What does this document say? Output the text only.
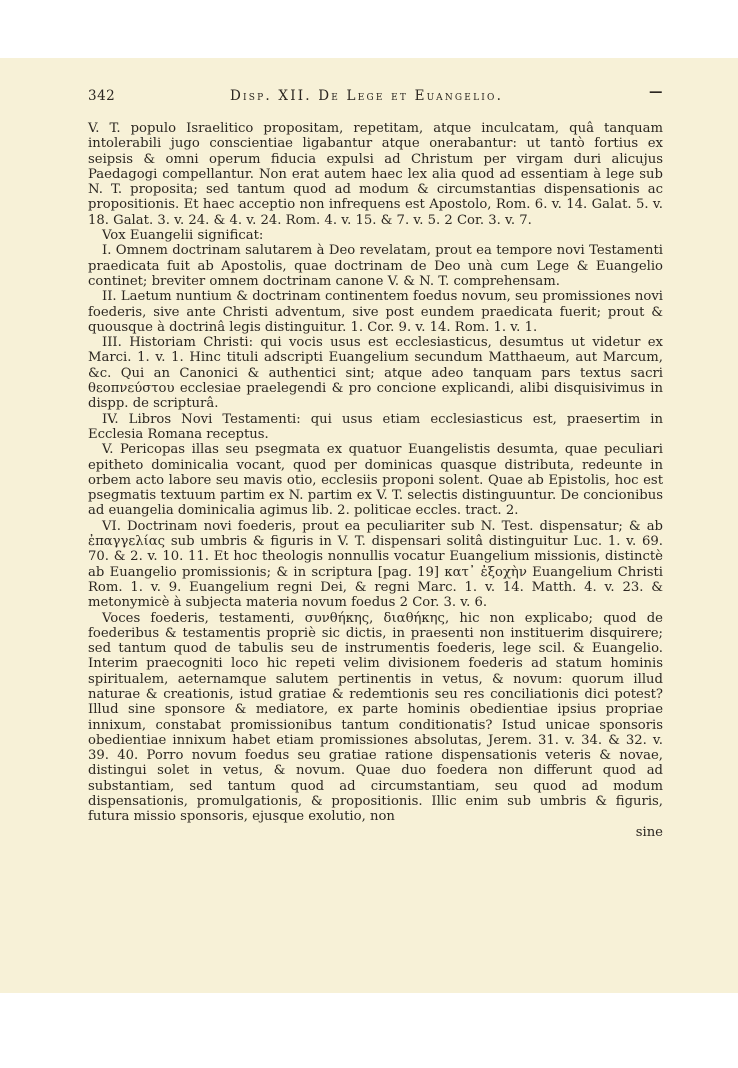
342	Disp. XII. De Lege et Euangelio.	—

V. T. populo Israelitico propositam, repetitam, atque inculcatam, quâ tanquam intolerabili jugo conscientiae ligabantur atque onerabantur: ut tantò fortius ex seipsis & omni operum fiducia expulsi ad Christum per virgam duri alicujus Paedagogi compellantur. Non erat autem haec lex alia quod ad essentiam à lege sub N. T. proposita; sed tantum quod ad modum & circumstantias dispensationis ac propositionis. Et haec acceptio non infrequens est Apostolo, Rom. 6. v. 14. Galat. 5. v. 18. Galat. 3. v. 24. & 4. v. 24. Rom. 4. v. 15. & 7. v. 5. 2 Cor. 3. v. 7.

Vox Euangelii significat:

I. Omnem doctrinam salutarem à Deo revelatam, prout ea tempore novi Testamenti praedicata fuit ab Apostolis, quae doctrinam de Deo unà cum Lege & Euangelio continet; breviter omnem doctrinam canone V. & N. T. comprehensam.

II. Laetum nuntium & doctrinam continentem foedus novum, seu promissiones novi foederis, sive ante Christi adventum, sive post eundem praedicata fuerit; prout & quousque à doctrinâ legis distinguitur. 1. Cor. 9. v. 14. Rom. 1. v. 1.

III. Historiam Christi: qui vocis usus est ecclesiasticus, desumtus ut videtur ex Marci. 1. v. 1. Hinc tituli adscripti Euangelium secundum Matthaeum, aut Marcum, &c. Qui an Canonici & authentici sint; atque adeo tanquam pars textus sacri θεοπνεύστου ecclesiae praelegendi & pro concione explicandi, alibi disquisivimus in dispp. de scripturâ.

IV. Libros Novi Testamenti: qui usus etiam ecclesiasticus est, praesertim in Ecclesia Romana receptus.

V. Pericopas illas seu psegmata ex quatuor Euangelistis desumta, quae peculiari epitheto dominicalia vocant, quod per dominicas quasque distributa, redeunte in orbem acto labore seu mavis otio, ecclesiis proponi solent. Quae ab Epistolis, hoc est psegmatis textuum partim ex N. partim ex V. T. selectis distinguuntur. De concionibus ad euangelia dominicalia agimus lib. 2. politicae eccles. tract. 2.

VI. Doctrinam novi foederis, prout ea peculiariter sub N. Test. dispensatur; & ab ἐπαγγελίας sub umbris & figuris in V. T. dispensari solitâ distinguitur Luc. 1. v. 69. 70. & 2. v. 10. 11. Et hoc theologis nonnullis vocatur Euangelium missionis, distinctè ab Euangelio promissionis; & in scriptura [pag. 19] κατ᾽ ἐξοχὴν Euangelium Christi Rom. 1. v. 9. Euangelium regni Dei, & regni Marc. 1. v. 14. Matth. 4. v. 23. & metonymicè à subjecta materia novum foedus 2 Cor. 3. v. 6.

Voces foederis, testamenti, συνθήκης, διαθήκης, hic non explicabo; quod de foederibus & testamentis propriè sic dictis, in praesenti non instituerim disquirere; sed tantum quod de tabulis seu de instrumentis foederis, lege scil. & Euangelio. Interim praecogniti loco hic repeti velim divisionem foederis ad statum hominis spiritualem, aeternamque salutem pertinentis in vetus, & novum: quorum illud naturae & creationis, istud gratiae & redemtionis seu res conciliationis dici potest? Illud sine sponsore & mediatore, ex parte hominis obedientiae ipsius propriae innixum, constabat promissionibus tantum conditionatis? Istud unicae sponsoris obedientiae innixum habet etiam promissiones absolutas, Jerem. 31. v. 34. & 32. v. 39. 40. Porro novum foedus seu gratiae ratione dispensationis veteris & novae, distingui solet in vetus, & novum. Quae duo foedera non differunt quod ad substantiam, sed tantum quod ad circumstantiam, seu quod ad modum dispensationis, promulgationis, & propositionis. Illic enim sub umbris & figuris, futura missio sponsoris, ejusque exolutio, non

sine
